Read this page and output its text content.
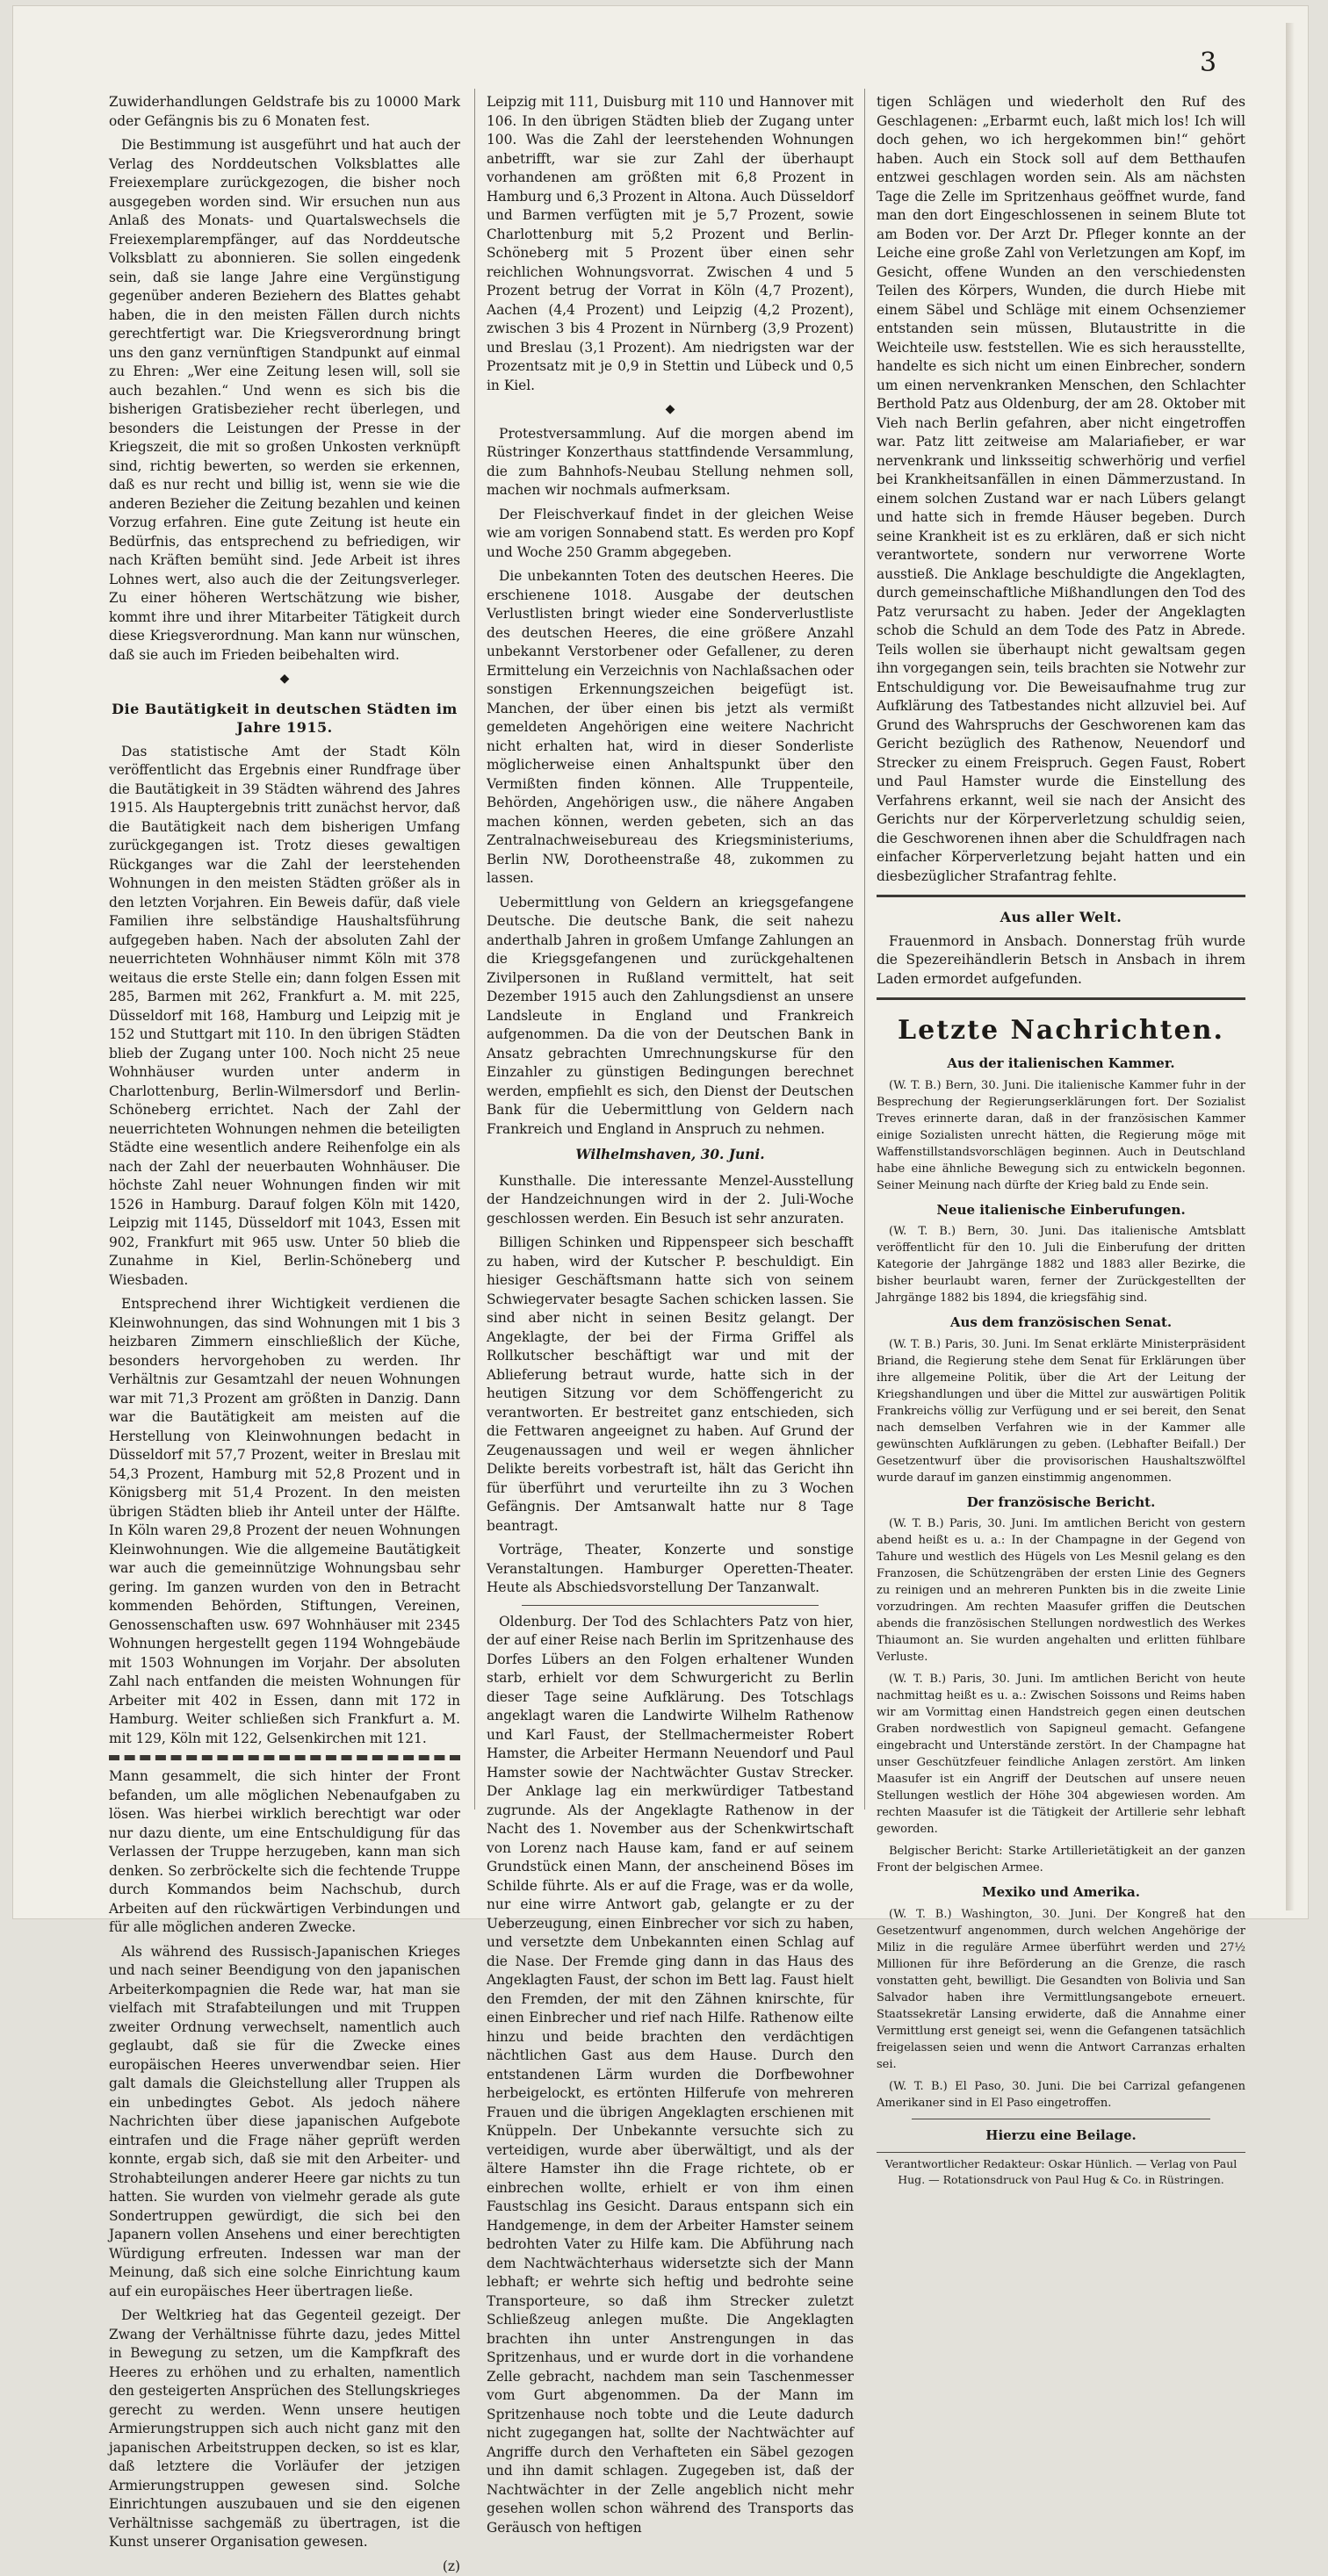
3

Zuwiderhandlungen Geldstrafe bis zu 10000 Mark oder Gefängnis bis zu 6 Monaten fest.

Die Bestimmung ist ausgeführt und hat auch der Verlag des Norddeutschen Volksblattes alle Freiexemplare zurückgezogen, die bisher noch ausgegeben worden sind. Wir ersuchen nun aus Anlaß des Monats- und Quartalswechsels die Freiexemplarempfänger, auf das Norddeutsche Volksblatt zu abonnieren. Sie sollen eingedenk sein, daß sie lange Jahre eine Vergünstigung gegenüber anderen Beziehern des Blattes gehabt haben, die in den meisten Fällen durch nichts gerechtfertigt war. Die Kriegsverordnung bringt uns den ganz vernünftigen Standpunkt auf einmal zu Ehren: „Wer eine Zeitung lesen will, soll sie auch bezahlen.“ Und wenn es sich bis die bisherigen Gratisbezieher recht überlegen, und besonders die Leistungen der Presse in der Kriegszeit, die mit so großen Unkosten verknüpft sind, richtig bewerten, so werden sie erkennen, daß es nur recht und billig ist, wenn sie wie die anderen Bezieher die Zeitung bezahlen und keinen Vorzug erfahren. Eine gute Zeitung ist heute ein Bedürfnis, das entsprechend zu befriedigen, wir nach Kräften bemüht sind. Jede Arbeit ist ihres Lohnes wert, also auch die der Zeitungsverleger. Zu einer höheren Wertschätzung wie bisher, kommt ihre und ihrer Mitarbeiter Tätigkeit durch diese Kriegsverordnung. Man kann nur wünschen, daß sie auch im Frieden beibehalten wird.

◆
Die Bautätigkeit in deutschen Städten im Jahre 1915.

Das statistische Amt der Stadt Köln veröffentlicht das Ergebnis einer Rundfrage über die Bautätigkeit in 39 Städten während des Jahres 1915. Als Hauptergebnis tritt zunächst hervor, daß die Bautätigkeit nach dem bisherigen Umfang zurückgegangen ist. Trotz dieses gewaltigen Rückganges war die Zahl der leerstehenden Wohnungen in den meisten Städten größer als in den letzten Vorjahren. Ein Beweis dafür, daß viele Familien ihre selbständige Haushaltsführung aufgegeben haben. Nach der absoluten Zahl der neuerrichteten Wohnhäuser nimmt Köln mit 378 weitaus die erste Stelle ein; dann folgen Essen mit 285, Barmen mit 262, Frankfurt a. M. mit 225, Düsseldorf mit 168, Hamburg und Leipzig mit je 152 und Stuttgart mit 110. In den übrigen Städten blieb der Zugang unter 100. Noch nicht 25 neue Wohnhäuser wurden unter anderm in Charlottenburg, Berlin-Wilmersdorf und Berlin-Schöneberg errichtet. Nach der Zahl der neuerrichteten Wohnungen nehmen die beteiligten Städte eine wesentlich andere Reihenfolge ein als nach der Zahl der neuerbauten Wohnhäuser. Die höchste Zahl neuer Wohnungen finden wir mit 1526 in Hamburg. Darauf folgen Köln mit 1420, Leipzig mit 1145, Düsseldorf mit 1043, Essen mit 902, Frankfurt mit 965 usw. Unter 50 blieb die Zunahme in Kiel, Berlin-Schöneberg und Wiesbaden.

Entsprechend ihrer Wichtigkeit verdienen die Kleinwohnungen, das sind Wohnungen mit 1 bis 3 heizbaren Zimmern einschließlich der Küche, besonders hervorgehoben zu werden. Ihr Verhältnis zur Gesamtzahl der neuen Wohnungen war mit 71,3 Prozent am größten in Danzig. Dann war die Bautätigkeit am meisten auf die Herstellung von Kleinwohnungen bedacht in Düsseldorf mit 57,7 Prozent, weiter in Breslau mit 54,3 Prozent, Hamburg mit 52,8 Prozent und in Königsberg mit 51,4 Prozent. In den meisten übrigen Städten blieb ihr Anteil unter der Hälfte. In Köln waren 29,8 Prozent der neuen Wohnungen Kleinwohnungen. Wie die allgemeine Bautätigkeit war auch die gemeinnützige Wohnungsbau sehr gering. Im ganzen wurden von den in Betracht kommenden Behörden, Stiftungen, Vereinen, Genossenschaften usw. 697 Wohnhäuser mit 2345 Wohnungen hergestellt gegen 1194 Wohngebäude mit 1503 Wohnungen im Vorjahr. Der absoluten Zahl nach entfanden die meisten Wohnungen für Arbeiter mit 402 in Essen, dann mit 172 in Hamburg. Weiter schließen sich Frankfurt a. M. mit 129, Köln mit 122, Gelsenkirchen mit 121.

Mann gesammelt, die sich hinter der Front befanden, um alle möglichen Nebenaufgaben zu lösen. Was hierbei wirklich berechtigt war oder nur dazu diente, um eine Entschuldigung für das Verlassen der Truppe herzugeben, kann man sich denken. So zerbröckelte sich die fechtende Truppe durch Kommandos beim Nachschub, durch Arbeiten auf den rückwärtigen Verbindungen und für alle möglichen anderen Zwecke.

Als während des Russisch-Japanischen Krieges und nach seiner Beendigung von den japanischen Arbeiterkompagnien die Rede war, hat man sie vielfach mit Strafabteilungen und mit Truppen zweiter Ordnung verwechselt, namentlich auch geglaubt, daß sie für die Zwecke eines europäischen Heeres unverwendbar seien. Hier galt damals die Gleichstellung aller Truppen als ein unbedingtes Gebot. Als jedoch nähere Nachrichten über diese japanischen Aufgebote eintrafen und die Frage näher geprüft werden konnte, ergab sich, daß sie mit den Arbeiter- und Strohabteilungen anderer Heere gar nichts zu tun hatten. Sie wurden von vielmehr gerade als gute Sondertruppen gewürdigt, die sich bei den Japanern vollen Ansehens und einer berechtigten Würdigung erfreuten. Indessen war man der Meinung, daß sich eine solche Einrichtung kaum auf ein europäisches Heer übertragen ließe.

Der Weltkrieg hat das Gegenteil gezeigt. Der Zwang der Verhältnisse führte dazu, jedes Mittel in Bewegung zu setzen, um die Kampfkraft des Heeres zu erhöhen und zu erhalten, namentlich den gesteigerten Ansprüchen des Stellungskrieges gerecht zu werden. Wenn unsere heutigen Armierungstruppen sich auch nicht ganz mit den japanischen Arbeitstruppen decken, so ist es klar, daß letztere die Vorläufer der jetzigen Armierungstruppen gewesen sind. Solche Einrichtungen auszubauen und sie den eigenen Verhältnisse sachgemäß zu übertragen, ist die Kunst unserer Organisation gewesen.

(z)

Leipzig mit 111, Duisburg mit 110 und Hannover mit 106. In den übrigen Städten blieb der Zugang unter 100. Was die Zahl der leerstehenden Wohnungen anbetrifft, war sie zur Zahl der überhaupt vorhandenen am größten mit 6,8 Prozent in Hamburg und 6,3 Prozent in Altona. Auch Düsseldorf und Barmen verfügten mit je 5,7 Prozent, sowie Charlottenburg mit 5,2 Prozent und Berlin-Schöneberg mit 5 Prozent über einen sehr reichlichen Wohnungsvorrat. Zwischen 4 und 5 Prozent betrug der Vorrat in Köln (4,7 Prozent), Aachen (4,4 Prozent) und Leipzig (4,2 Prozent), zwischen 3 bis 4 Prozent in Nürnberg (3,9 Prozent) und Breslau (3,1 Prozent). Am niedrigsten war der Prozentsatz mit je 0,9 in Stettin und Lübeck und 0,5 in Kiel.

◆

Protestversammlung. Auf die morgen abend im Rüstringer Konzerthaus stattfindende Versammlung, die zum Bahnhofs-Neubau Stellung nehmen soll, machen wir nochmals aufmerksam.

Der Fleischverkauf findet in der gleichen Weise wie am vorigen Sonnabend statt. Es werden pro Kopf und Woche 250 Gramm abgegeben.

Die unbekannten Toten des deutschen Heeres. Die erschienene 1018. Ausgabe der deutschen Verlustlisten bringt wieder eine Sonderverlustliste des deutschen Heeres, die eine größere Anzahl unbekannt Verstorbener oder Gefallener, zu deren Ermittelung ein Verzeichnis von Nachlaßsachen oder sonstigen Erkennungszeichen beigefügt ist. Manchen, der über einen bis jetzt als vermißt gemeldeten Angehörigen eine weitere Nachricht nicht erhalten hat, wird in dieser Sonderliste möglicherweise einen Anhaltspunkt über den Vermißten finden können. Alle Truppenteile, Behörden, Angehörigen usw., die nähere Angaben machen können, werden gebeten, sich an das Zentralnachweisebureau des Kriegsministeriums, Berlin NW, Dorotheenstraße 48, zukommen zu lassen.

Uebermittlung von Geldern an kriegsgefangene Deutsche. Die deutsche Bank, die seit nahezu anderthalb Jahren in großem Umfange Zahlungen an die Kriegsgefangenen und zurückgehaltenen Zivilpersonen in Rußland vermittelt, hat seit Dezember 1915 auch den Zahlungsdienst an unsere Landsleute in England und Frankreich aufgenommen. Da die von der Deutschen Bank in Ansatz gebrachten Umrechnungskurse für den Einzahler zu günstigen Bedingungen berechnet werden, empfiehlt es sich, den Dienst der Deutschen Bank für die Uebermittlung von Geldern nach Frankreich und England in Anspruch zu nehmen.

Wilhelmshaven, 30. Juni.

Kunsthalle. Die interessante Menzel-Ausstellung der Handzeichnungen wird in der 2. Juli-Woche geschlossen werden. Ein Besuch ist sehr anzuraten.

Billigen Schinken und Rippenspeer sich beschafft zu haben, wird der Kutscher P. beschuldigt. Ein hiesiger Geschäftsmann hatte sich von seinem Schwiegervater besagte Sachen schicken lassen. Sie sind aber nicht in seinen Besitz gelangt. Der Angeklagte, der bei der Firma Griffel als Rollkutscher beschäftigt war und mit der Ablieferung betraut wurde, hatte sich in der heutigen Sitzung vor dem Schöffengericht zu verantworten. Er bestreitet ganz entschieden, sich die Fettwaren angeeignet zu haben. Auf Grund der Zeugenaussagen und weil er wegen ähnlicher Delikte bereits vorbestraft ist, hält das Gericht ihn für überführt und verurteilte ihn zu 3 Wochen Gefängnis. Der Amtsanwalt hatte nur 8 Tage beantragt.

Vorträge, Theater, Konzerte und sonstige Veranstaltungen. Hamburger Operetten-Theater. Heute als Abschiedsvorstellung Der Tanzanwalt.

Oldenburg. Der Tod des Schlachters Patz von hier, der auf einer Reise nach Berlin im Spritzenhause des Dorfes Lübers an den Folgen erhaltener Wunden starb, erhielt vor dem Schwurgericht zu Berlin dieser Tage seine Aufklärung. Des Totschlags angeklagt waren die Landwirte Wilhelm Rathenow und Karl Faust, der Stellmachermeister Robert Hamster, die Arbeiter Hermann Neuendorf und Paul Hamster sowie der Nachtwächter Gustav Strecker. Der Anklage lag ein merkwürdiger Tatbestand zugrunde. Als der Angeklagte Rathenow in der Nacht des 1. November aus der Schenkwirtschaft von Lorenz nach Hause kam, fand er auf seinem Grundstück einen Mann, der anscheinend Böses im Schilde führte. Als er auf die Frage, was er da wolle, nur eine wirre Antwort gab, gelangte er zu der Ueberzeugung, einen Einbrecher vor sich zu haben, und versetzte dem Unbekannten einen Schlag auf die Nase. Der Fremde ging dann in das Haus des Angeklagten Faust, der schon im Bett lag. Faust hielt den Fremden, der mit den Zähnen knirschte, für einen Einbrecher und rief nach Hilfe. Rathenow eilte hinzu und beide brachten den verdächtigen nächtlichen Gast aus dem Hause. Durch den entstandenen Lärm wurden die Dorfbewohner herbeigelockt, es ertönten Hilferufe von mehreren Frauen und die übrigen Angeklagten erschienen mit Knüppeln. Der Unbekannte versuchte sich zu verteidigen, wurde aber überwältigt, und als der ältere Hamster ihn die Frage richtete, ob er einbrechen wollte, erhielt er von ihm einen Faustschlag ins Gesicht. Daraus entspann sich ein Handgemenge, in dem der Arbeiter Hamster seinem bedrohten Vater zu Hilfe kam. Die Abführung nach dem Nachtwächterhaus widersetzte sich der Mann lebhaft; er wehrte sich heftig und bedrohte seine Transporteure, so daß ihm Strecker zuletzt Schließzeug anlegen mußte. Die Angeklagten brachten ihn unter Anstrengungen in das Spritzenhaus, und er wurde dort in die vorhandene Zelle gebracht, nachdem man sein Taschenmesser vom Gurt abgenommen. Da der Mann im Spritzenhause noch tobte und die Leute dadurch nicht zugegangen hat, sollte der Nachtwächter auf Angriffe durch den Verhafteten ein Säbel gezogen und ihn damit schlagen. Zugegeben ist, daß der Nachtwächter in der Zelle angeblich nicht mehr gesehen wollen schon während des Transports das Geräusch von heftigen

tigen Schlägen und wiederholt den Ruf des Geschlagenen: „Erbarmt euch, laßt mich los! Ich will doch gehen, wo ich hergekommen bin!“ gehört haben. Auch ein Stock soll auf dem Betthaufen entzwei geschlagen worden sein. Als am nächsten Tage die Zelle im Spritzenhaus geöffnet wurde, fand man den dort Eingeschlossenen in seinem Blute tot am Boden vor. Der Arzt Dr. Pfleger konnte an der Leiche eine große Zahl von Verletzungen am Kopf, im Gesicht, offene Wunden an den verschiedensten Teilen des Körpers, Wunden, die durch Hiebe mit einem Säbel und Schläge mit einem Ochsenziemer entstanden sein müssen, Blutaustritte in die Weichteile usw. feststellen. Wie es sich herausstellte, handelte es sich nicht um einen Einbrecher, sondern um einen nervenkranken Menschen, den Schlachter Berthold Patz aus Oldenburg, der am 28. Oktober mit Vieh nach Berlin gefahren, aber nicht eingetroffen war. Patz litt zeitweise am Malariafieber, er war nervenkrank und linksseitig schwerhörig und verfiel bei Krankheitsanfällen in einen Dämmerzustand. In einem solchen Zustand war er nach Lübers gelangt und hatte sich in fremde Häuser begeben. Durch seine Krankheit ist es zu erklären, daß er sich nicht verantwortete, sondern nur verworrene Worte ausstieß. Die Anklage beschuldigte die Angeklagten, durch gemeinschaftliche Mißhandlungen den Tod des Patz verursacht zu haben. Jeder der Angeklagten schob die Schuld an dem Tode des Patz in Abrede. Teils wollen sie überhaupt nicht gewaltsam gegen ihn vorgegangen sein, teils brachten sie Notwehr zur Entschuldigung vor. Die Beweisaufnahme trug zur Aufklärung des Tatbestandes nicht allzuviel bei. Auf Grund des Wahrspruchs der Geschworenen kam das Gericht bezüglich des Rathenow, Neuendorf und Strecker zu einem Freispruch. Gegen Faust, Robert und Paul Hamster wurde die Einstellung des Verfahrens erkannt, weil sie nach der Ansicht des Gerichts nur der Körperverletzung schuldig seien, die Geschworenen ihnen aber die Schuldfragen nach einfacher Körperverletzung bejaht hatten und ein diesbezüglicher Strafantrag fehlte.

Aus aller Welt.

Frauenmord in Ansbach. Donnerstag früh wurde die Spezereihändlerin Betsch in Ansbach in ihrem Laden ermordet aufgefunden.

Letzte Nachrichten.
Aus der italienischen Kammer.

(W. T. B.) Bern, 30. Juni. Die italienische Kammer fuhr in der Besprechung der Regierungserklärungen fort. Der Sozialist Treves erinnerte daran, daß in der französischen Kammer einige Sozialisten unrecht hätten, die Regierung möge mit Waffenstillstandsvorschlägen beginnen. Auch in Deutschland habe eine ähnliche Bewegung sich zu entwickeln begonnen. Seiner Meinung nach dürfte der Krieg bald zu Ende sein.

Neue italienische Einberufungen.

(W. T. B.) Bern, 30. Juni. Das italienische Amtsblatt veröffentlicht für den 10. Juli die Einberufung der dritten Kategorie der Jahrgänge 1882 und 1883 aller Bezirke, die bisher beurlaubt waren, ferner der Zurückgestellten der Jahrgänge 1882 bis 1894, die kriegsfähig sind.

Aus dem französischen Senat.

(W. T. B.) Paris, 30. Juni. Im Senat erklärte Ministerpräsident Briand, die Regierung stehe dem Senat für Erklärungen über ihre allgemeine Politik, über die Art der Leitung der Kriegshandlungen und über die Mittel zur auswärtigen Politik Frankreichs völlig zur Verfügung und er sei bereit, den Senat nach demselben Verfahren wie in der Kammer alle gewünschten Aufklärungen zu geben. (Lebhafter Beifall.) Der Gesetzentwurf über die provisorischen Haushaltszwölftel wurde darauf im ganzen einstimmig angenommen.

Der französische Bericht.

(W. T. B.) Paris, 30. Juni. Im amtlichen Bericht von gestern abend heißt es u. a.: In der Champagne in der Gegend von Tahure und westlich des Hügels von Les Mesnil gelang es den Franzosen, die Schützengräben der ersten Linie des Gegners zu reinigen und an mehreren Punkten bis in die zweite Linie vorzudringen. Am rechten Maasufer griffen die Deutschen abends die französischen Stellungen nordwestlich des Werkes Thiaumont an. Sie wurden angehalten und erlitten fühlbare Verluste.

(W. T. B.) Paris, 30. Juni. Im amtlichen Bericht von heute nachmittag heißt es u. a.: Zwischen Soissons und Reims haben wir am Vormittag einen Handstreich gegen einen deutschen Graben nordwestlich von Sapigneul gemacht. Gefangene eingebracht und Unterstände zerstört. In der Champagne hat unser Geschützfeuer feindliche Anlagen zerstört. Am linken Maasufer ist ein Angriff der Deutschen auf unsere neuen Stellungen westlich der Höhe 304 abgewiesen worden. Am rechten Maasufer ist die Tätigkeit der Artillerie sehr lebhaft geworden.

Belgischer Bericht: Starke Artillerietätigkeit an der ganzen Front der belgischen Armee.

Mexiko und Amerika.

(W. T. B.) Washington, 30. Juni. Der Kongreß hat den Gesetzentwurf angenommen, durch welchen Angehörige der Miliz in die reguläre Armee überführt werden und 27½ Millionen für ihre Beförderung an die Grenze, die rasch vonstatten geht, bewilligt. Die Gesandten von Bolivia und San Salvador haben ihre Vermittlungsangebote erneuert. Staatssekretär Lansing erwiderte, daß die Annahme einer Vermittlung erst geneigt sei, wenn die Gefangenen tatsächlich freigelassen seien und wenn die Antwort Carranzas erhalten sei.

(W. T. B.) El Paso, 30. Juni. Die bei Carrizal gefangenen Amerikaner sind in El Paso eingetroffen.

Hierzu eine Beilage.
Verantwortlicher Redakteur: Oskar Hünlich. — Verlag von Paul Hug. — Rotationsdruck von Paul Hug & Co. in Rüstringen.
